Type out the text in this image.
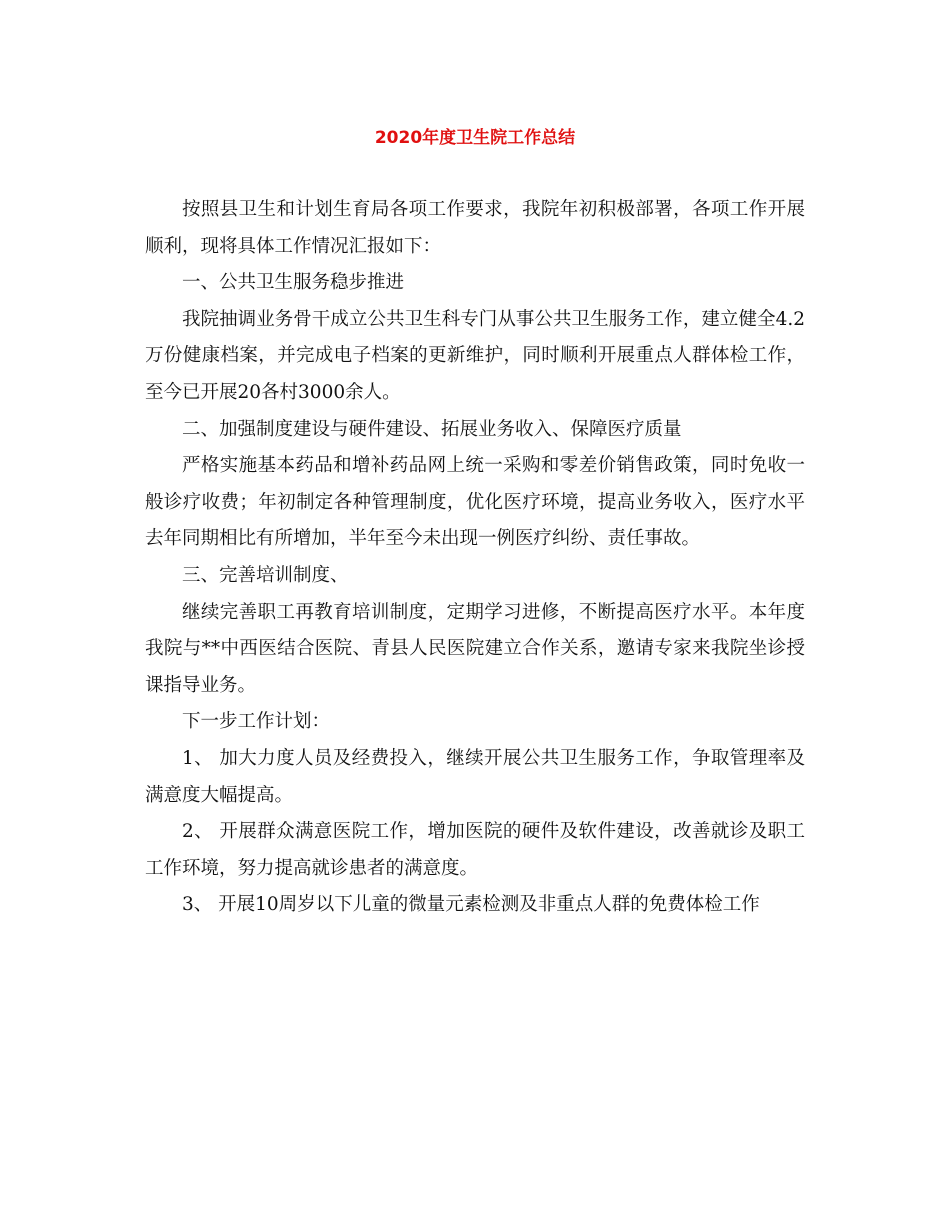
2020年度卫生院工作总结

按照县卫生和计划生育局各项工作要求，我院年初积极部署，各项工作开展顺利，现将具体工作情况汇报如下：

一、公共卫生服务稳步推进

我院抽调业务骨干成立公共卫生科专门从事公共卫生服务工作，建立健全4.2万份健康档案，并完成电子档案的更新维护，同时顺利开展重点人群体检工作，至今已开展20各村3000余人。

二、加强制度建设与硬件建设、拓展业务收入、保障医疗质量

严格实施基本药品和增补药品网上统一采购和零差价销售政策，同时免收一般诊疗收费；年初制定各种管理制度，优化医疗环境，提高业务收入，医疗水平去年同期相比有所增加，半年至今未出现一例医疗纠纷、责任事故。

三、完善培训制度、

继续完善职工再教育培训制度，定期学习进修，不断提高医疗水平。本年度我院与**中西医结合医院、青县人民医院建立合作关系，邀请专家来我院坐诊授课指导业务。

下一步工作计划：

1、 加大力度人员及经费投入，继续开展公共卫生服务工作，争取管理率及满意度大幅提高。

2、 开展群众满意医院工作，增加医院的硬件及软件建设，改善就诊及职工工作环境，努力提高就诊患者的满意度。

3、 开展10周岁以下儿童的微量元素检测及非重点人群的免费体检工作
